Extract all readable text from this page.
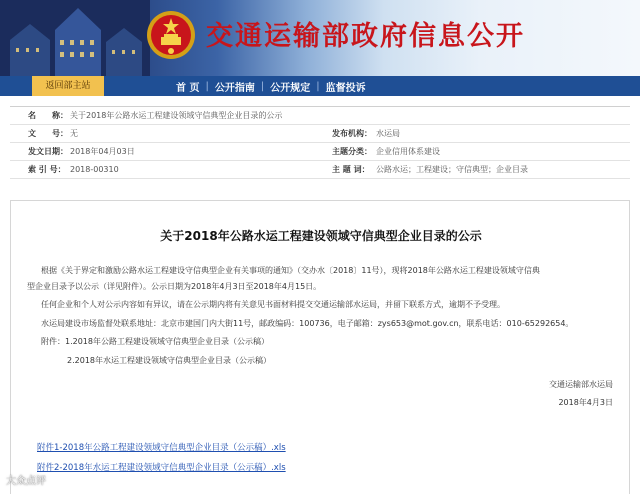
交通运输部政府信息公开
返回部主站	首 页 | 公开指南 | 公开规定 | 监督投诉
名　　称： 关于2018年公路水运工程建设领域守信典型企业目录的公示
文　　号： 无	发布机构： 水运局
发文日期： 2018年04月03日	主题分类： 企业信用体系建设
索 引 号： 2018-00310	主 题 词： 公路水运；工程建设；守信典型；企业目录
关于2018年公路水运工程建设领域守信典型企业目录的公示
根据《关于界定和激励公路水运工程建设守信典型企业有关事项的通知》（交办水〔2018〕11号），现将2018年公路水运工程建设领域守信典
型企业目录予以公示（详见附件）。公示日期为2018年4月3日至2018年4月15日。
任何企业和个人对公示内容如有异议，请在公示期内将有关意见书面材料提交交通运输部水运局，并留下联系方式，逾期不予受理。
水运局建设市场监督处联系地址：北京市建国门内大街11号，邮政编码：100736，电子邮箱：zys653@mot.gov.cn，联系电话：010-65292654。
附件：1.2018年公路工程建设领域守信典型企业目录（公示稿）
2.2018年水运工程建设领域守信典型企业目录（公示稿）
交通运输部水运局
2018年4月3日
附件1-2018年公路工程建设领域守信典型企业目录（公示稿）.xls
附件2-2018年水运工程建设领域守信典型企业目录（公示稿）.xls
大众点评
